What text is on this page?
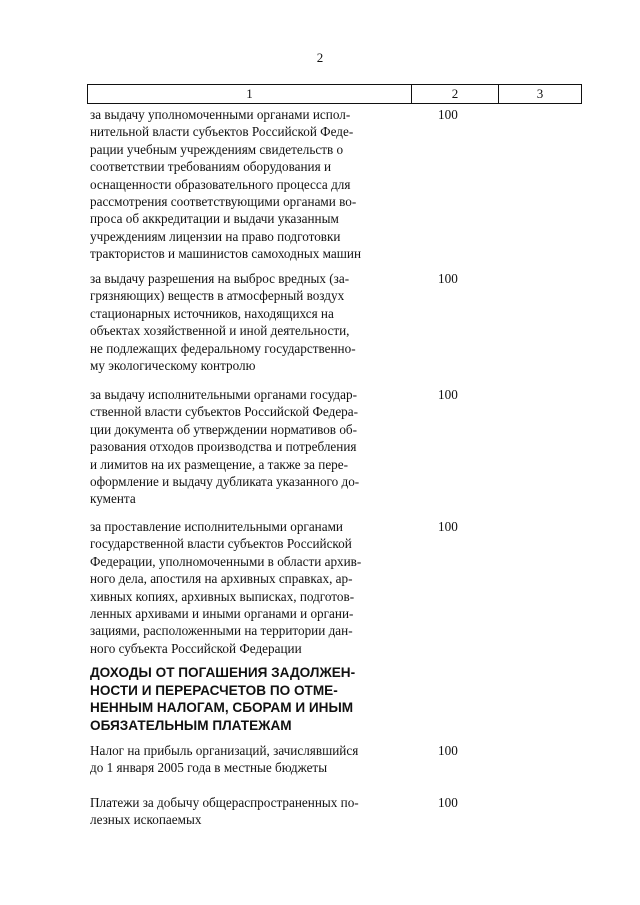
2
1	2	3
за выдачу уполномоченными органами испол-
нительной власти субъектов Российской Феде-
рации учебным учреждениям свидетельств о
соответствии требованиям оборудования и
оснащенности образовательного процесса для
рассмотрения соответствующими органами во-
проса об аккредитации и выдачи указанным
учреждениям лицензии на право подготовки
трактористов и машинистов самоходных машин
100
за выдачу разрешения на выброс вредных (за-
грязняющих) веществ в атмосферный воздух
стационарных источников, находящихся на
объектах хозяйственной и иной деятельности,
не подлежащих федеральному государственно-
му экологическому контролю
100
за выдачу исполнительными органами государ-
ственной власти субъектов Российской Федера-
ции документа об утверждении нормативов об-
разования отходов производства и потребления
и лимитов на их размещение, а также за пере-
оформление и выдачу дубликата указанного до-
кумента
100
за проставление исполнительными органами
государственной власти субъектов Российской
Федерации, уполномоченными в области архив-
ного дела, апостиля на архивных справках, ар-
хивных копиях, архивных выписках, подготов-
ленных архивами и иными органами и органи-
зациями, расположенными на территории дан-
ного субъекта Российской Федерации
100
ДОХОДЫ ОТ ПОГАШЕНИЯ ЗАДОЛЖЕН-
НОСТИ И ПЕРЕРАСЧЕТОВ ПО ОТМЕ-
НЕННЫМ НАЛОГАМ, СБОРАМ И ИНЫМ
ОБЯЗАТЕЛЬНЫМ ПЛАТЕЖАМ
Налог на прибыль организаций, зачислявшийся
до 1 января 2005 года в местные бюджеты
100
Платежи за добычу общераспространенных по-
лезных ископаемых
100
